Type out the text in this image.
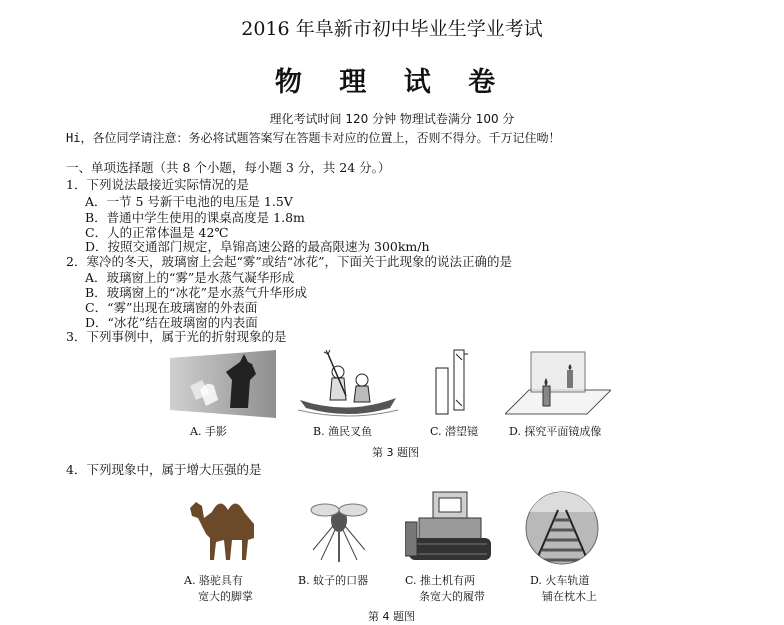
2016 年阜新市初中毕业生学业考试
物 理 试 卷
理化考试时间 120 分钟 物理试卷满分 100 分
Hi，各位同学请注意：务必将试题答案写在答题卡对应的位置上，否则不得分。千万记住呦！
一、单项选择题（共 8 个小题，每小题 3 分，共 24 分。）
1．下列说法最接近实际情况的是
A．一节 5 号新干电池的电压是 1.5V
B．普通中学生使用的课桌高度是 1.8m
C．人的正常体温是 42℃
D．按照交通部门规定，阜锦高速公路的最高限速为 300km/h
2．寒冷的冬天，玻璃窗上会起“雾”或结“冰花”，下面关于此现象的说法正确的是
A．玻璃窗上的“雾”是水蒸气凝华形成
B．玻璃窗上的“冰花”是水蒸气升华形成
C．“雾”出现在玻璃窗的外表面
D．“冰花”结在玻璃窗的内表面
3．下列事例中，属于光的折射现象的是
A. 手影	B. 渔民叉鱼	C. 潜望镜	D. 探究平面镜成像
第 3 题图
4．下列现象中，属于增大压强的是
A. 骆驼具有
宽大的脚掌
B. 蚊子的口器	C. 推土机有两
条宽大的履带
D. 火车轨道
铺在枕木上
第 4 题图
